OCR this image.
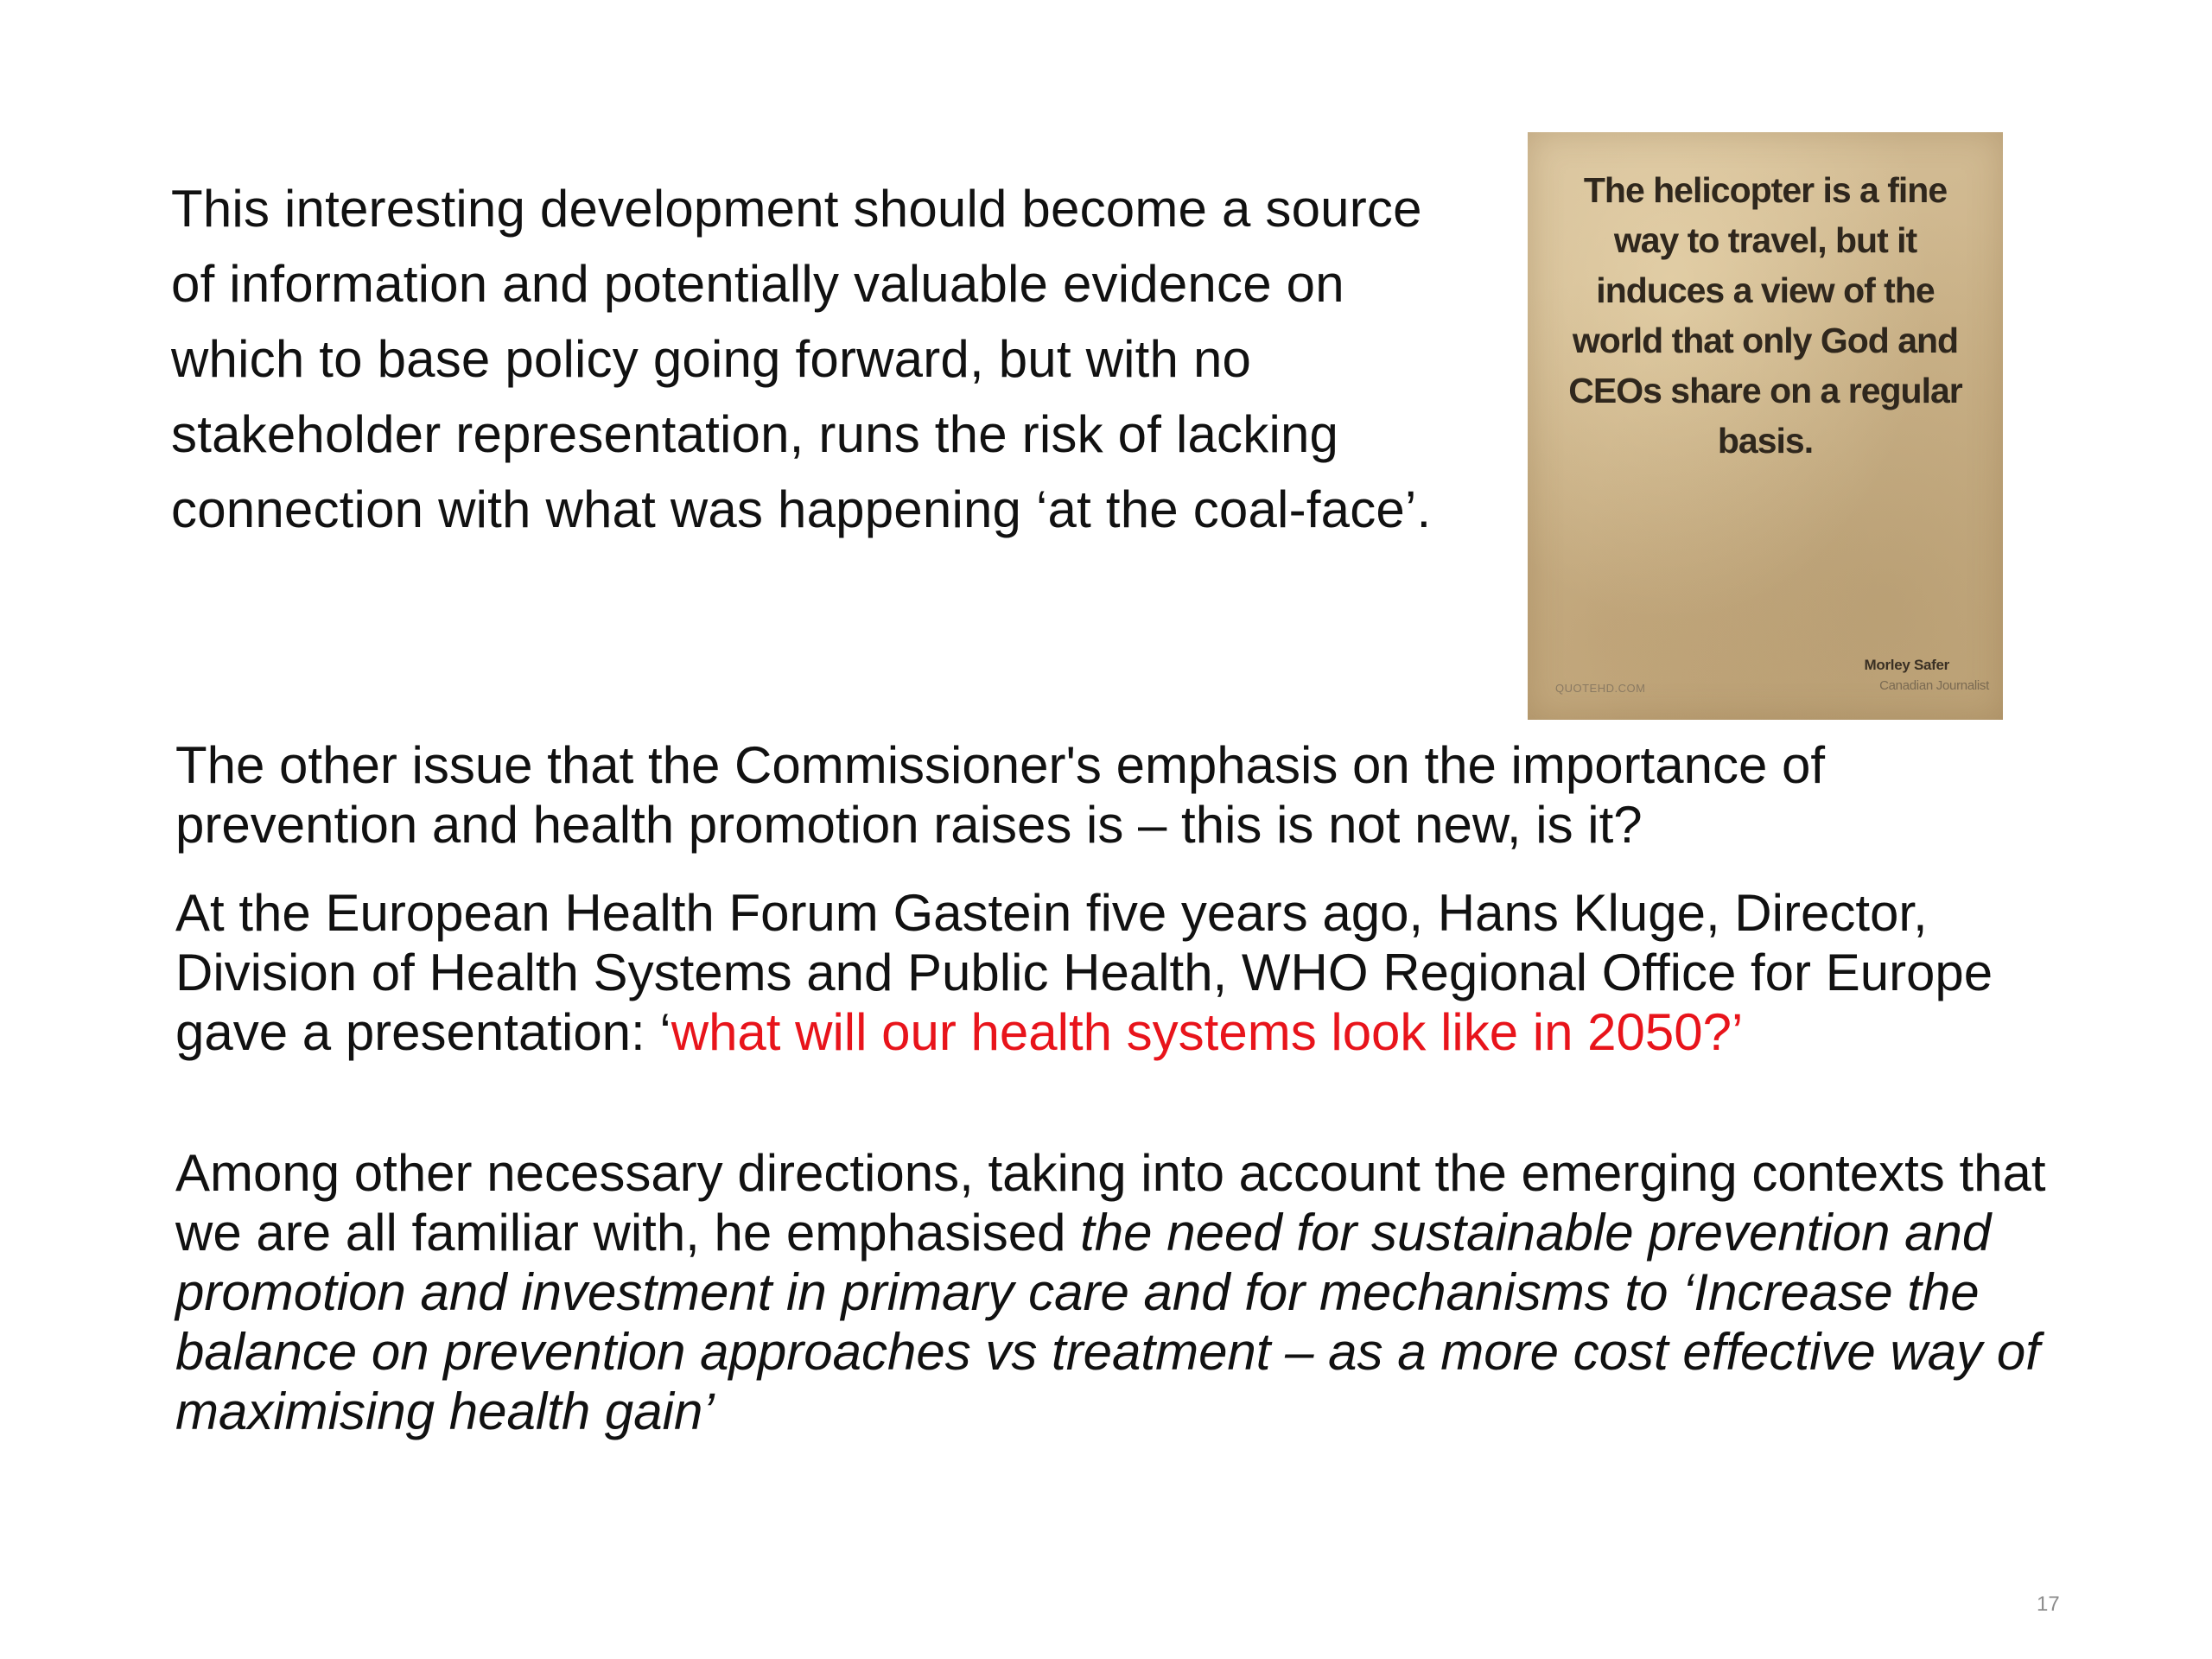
This interesting development should become a source of information and potentially valuable evidence on which to base policy going forward, but with no stakeholder representation, runs the risk of lacking connection with what was happening ‘at the coal-face’.

The helicopter is a fine way to travel, but it induces a view of the world that only God and CEOs share on a regular basis.

QUOTEHD.COM
Morley Safer
Canadian Journalist

The other issue that the Commissioner's emphasis on the importance of prevention and health promotion raises is – this is not new, is it?

At the European Health Forum Gastein five years ago, Hans Kluge, Director, Division of Health Systems and Public Health, WHO Regional Office for Europe gave a presentation: ‘what will our health systems look like in 2050?’

Among other necessary directions, taking into account the emerging contexts that we are all familiar with, he emphasised the need for sustainable prevention and promotion and investment in primary care and for mechanisms to ‘Increase the balance on prevention approaches vs treatment – as a more cost effective way of maximising health gain’

17
